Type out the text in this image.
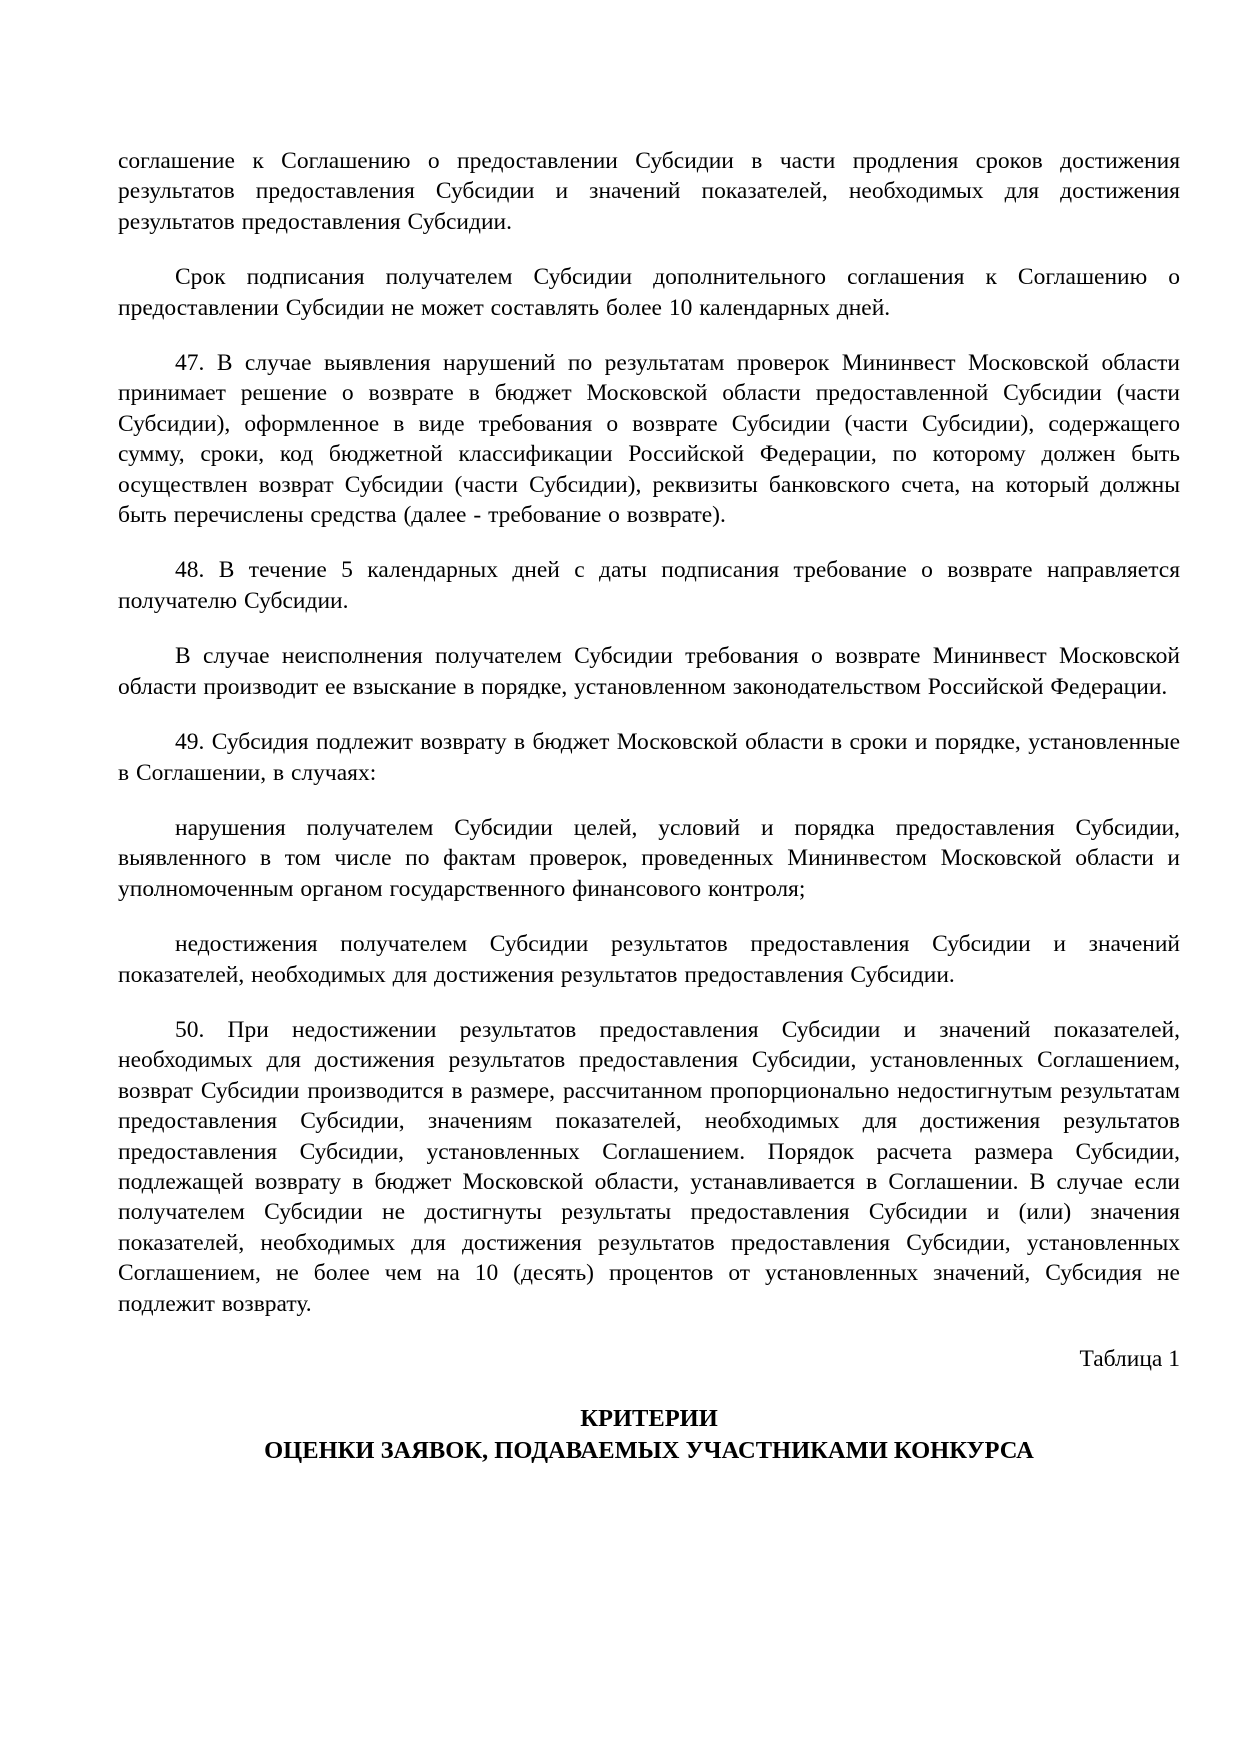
соглашение к Соглашению о предоставлении Субсидии в части продления сроков достижения результатов предоставления Субсидии и значений показателей, необходимых для достижения результатов предоставления Субсидии.

Срок подписания получателем Субсидии дополнительного соглашения к Соглашению о предоставлении Субсидии не может составлять более 10 календарных дней.

47. В случае выявления нарушений по результатам проверок Мининвест Московской области принимает решение о возврате в бюджет Московской области предоставленной Субсидии (части Субсидии), оформленное в виде требования о возврате Субсидии (части Субсидии), содержащего сумму, сроки, код бюджетной классификации Российской Федерации, по которому должен быть осуществлен возврат Субсидии (части Субсидии), реквизиты банковского счета, на который должны быть перечислены средства (далее - требование о возврате).

48. В течение 5 календарных дней с даты подписания требование о возврате направляется получателю Субсидии.

В случае неисполнения получателем Субсидии требования о возврате Мининвест Московской области производит ее взыскание в порядке, установленном законодательством Российской Федерации.

49. Субсидия подлежит возврату в бюджет Московской области в сроки и порядке, установленные в Соглашении, в случаях:

нарушения получателем Субсидии целей, условий и порядка предоставления Субсидии, выявленного в том числе по фактам проверок, проведенных Мининвестом Московской области и уполномоченным органом государственного финансового контроля;

недостижения получателем Субсидии результатов предоставления Субсидии и значений показателей, необходимых для достижения результатов предоставления Субсидии.

50. При недостижении результатов предоставления Субсидии и значений показателей, необходимых для достижения результатов предоставления Субсидии, установленных Соглашением, возврат Субсидии производится в размере, рассчитанном пропорционально недостигнутым результатам предоставления Субсидии, значениям показателей, необходимых для достижения результатов предоставления Субсидии, установленных Соглашением. Порядок расчета размера Субсидии, подлежащей возврату в бюджет Московской области, устанавливается в Соглашении. В случае если получателем Субсидии не достигнуты результаты предоставления Субсидии и (или) значения показателей, необходимых для достижения результатов предоставления Субсидии, установленных Соглашением, не более чем на 10 (десять) процентов от установленных значений, Субсидия не подлежит возврату.

Таблица 1

КРИТЕРИИ
ОЦЕНКИ ЗАЯВОК, ПОДАВАЕМЫХ УЧАСТНИКАМИ КОНКУРСА
